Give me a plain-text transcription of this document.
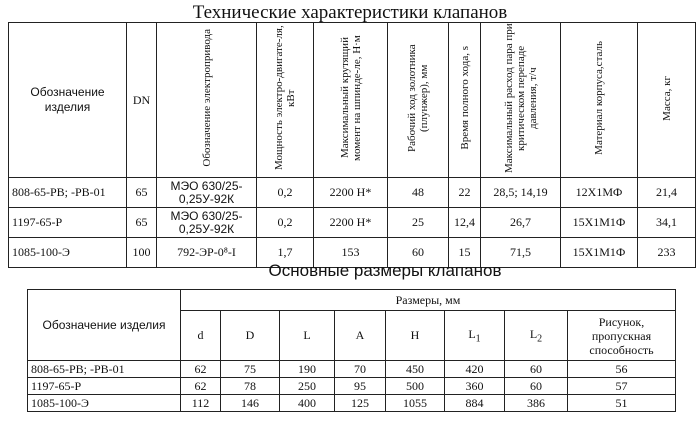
Технические характеристики клапанов
Обозначение изделия	DN	Обозначение электропривода	Мощность электро-двигате-ля, кВт	Максимальный крутящий момент на шпинде-ле, Н·м	Рабочий ход золотника (плунжер), мм	Время полного хода, s	Максимальный расход пара при критическом перепаде давления, т/ч	Материал корпуса,сталь	Масса, кг
808-65-РВ; -РВ-01	65	МЭО 630/25-0,25У-92К	0,2	2200 Н*	48	22	28,5; 14,19	12Х1МФ	21,4
1197-65-Р	65	МЭО 630/25-0,25У-92К	0,2	2200 Н*	25	12,4	26,7	15Х1М1Ф	34,1
1085-100-Э	100	792-ЭР-0⁸-I	1,7	153	60	15	71,5	15Х1М1Ф	233
Основные размеры клапанов
Обозначение изделия	Размеры, мм							
	d	D	L	A	H	$L_1$	$L_2$	Рисунок, пропускная способность
808-65-РВ; -РВ-01	62	75	190	70	450	420	60	56
1197-65-Р	62	78	250	95	500	360	60	57
1085-100-Э	112	146	400	125	1055	884	386	51
